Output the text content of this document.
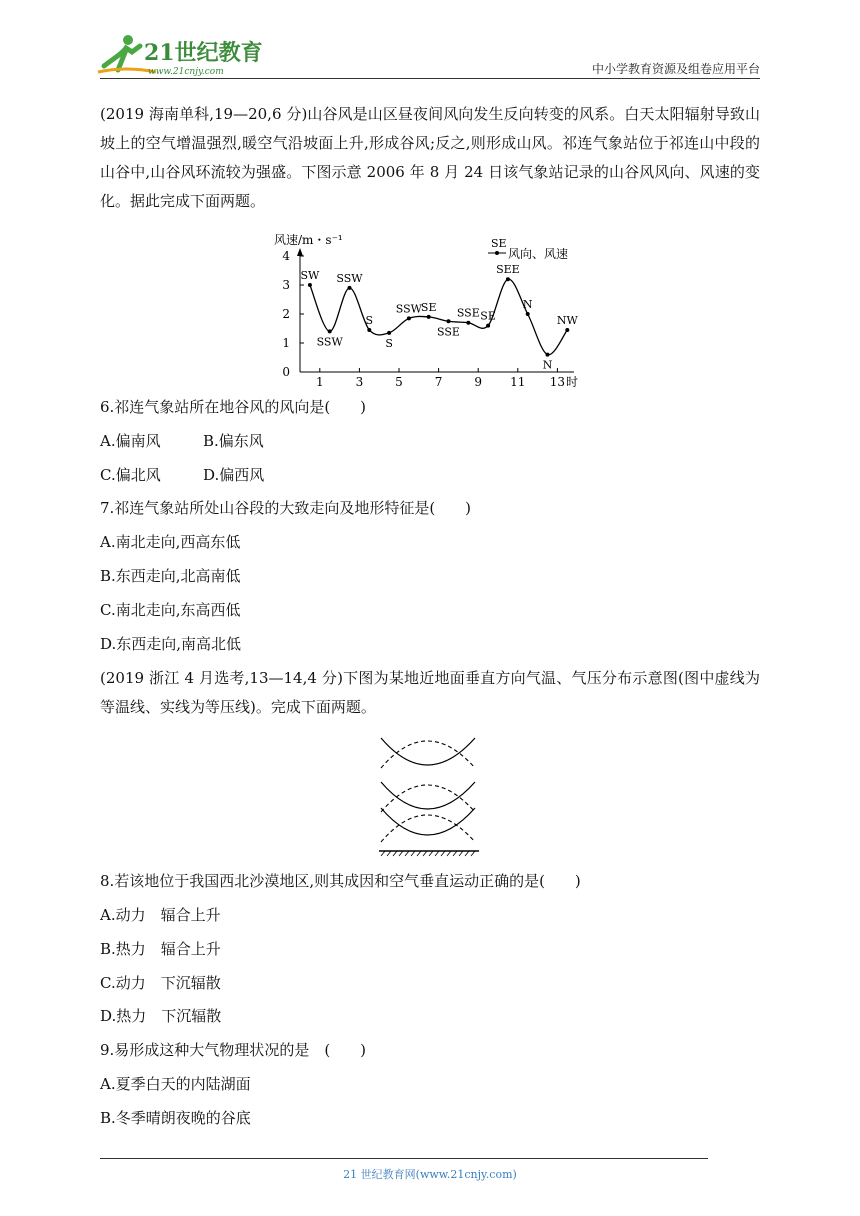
21世纪教育
www.21cnjy.com	中小学教育资源及组卷应用平台
(2019 海南单科,19—20,6 分)山谷风是山区昼夜间风向发生反向转变的风系。白天太阳辐射导致山坡上的空气增温强烈,暖空气沿坡面上升,形成谷风;反之,则形成山风。祁连气象站位于祁连山中段的山谷中,山谷风环流较为强盛。下图示意 2006 年 8 月 24 日该气象站记录的山谷风风向、风速的变化。据此完成下面两题。
风速/m・s⁻¹
时
0
1
2
3
4
1	3	5	7	9 11 13
SW
SSW
SSW
S
S
SSW
SE
SSE
SSE SE
SEE
N
N
NW
SE
风向、风速
6.祁连气象站所在地谷风的风向是(　　)
A.偏南风	B.偏东风
C.偏北风	D.偏西风
7.祁连气象站所处山谷段的大致走向及地形特征是(　　)
A.南北走向,西高东低
B.东西走向,北高南低
C.南北走向,东高西低
D.东西走向,南高北低
(2019 浙江 4 月选考,13—14,4 分)下图为某地近地面垂直方向气温、气压分布示意图(图中虚线为等温线、实线为等压线)。完成下面两题。
8.若该地位于我国西北沙漠地区,则其成因和空气垂直运动正确的是(　　)
A.动力　辐合上升
B.热力　辐合上升
C.动力　下沉辐散
D.热力　下沉辐散
9.易形成这种大气物理状况的是　(　　)
A.夏季白天的内陆湖面
B.冬季晴朗夜晚的谷底
21 世纪教育网(www.21cnjy.com)
